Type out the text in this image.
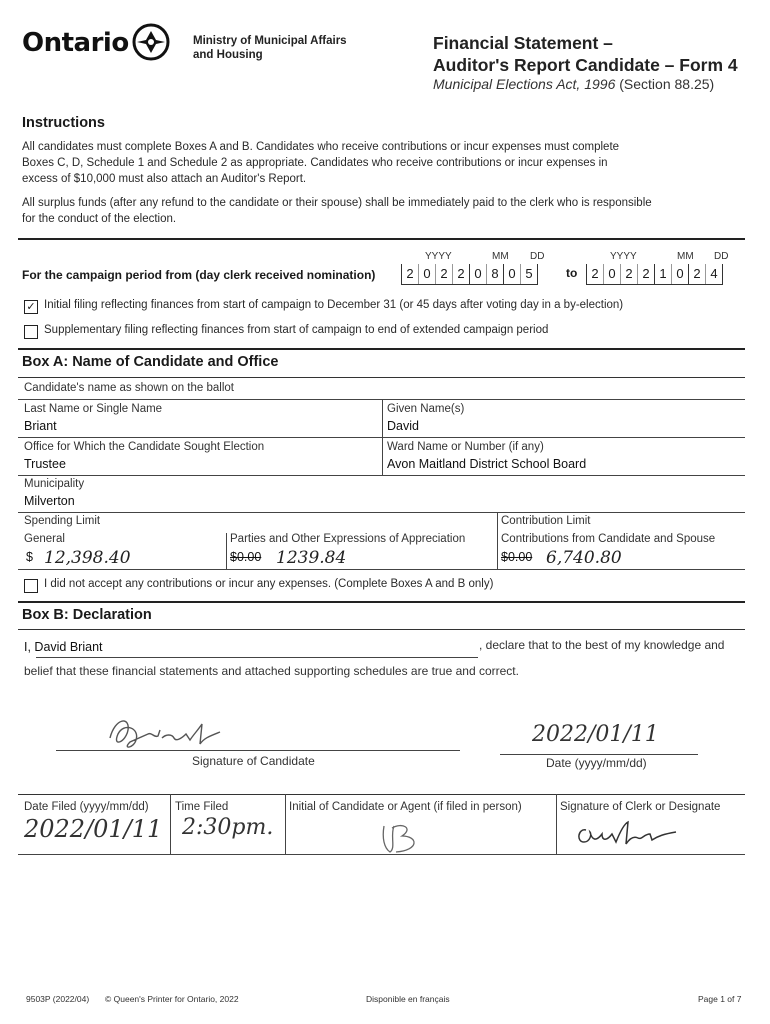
Ontario	Ministry of Municipal Affairs
and Housing
Financial Statement –
Auditor's Report Candidate – Form 4
Municipal Elections Act, 1996 (Section 88.25)
Instructions
All candidates must complete Boxes A and B. Candidates who receive contributions or incur expenses must complete
Boxes C, D, Schedule 1 and Schedule 2 as appropriate. Candidates who receive contributions or incur expenses in
excess of $10,000 must also attach an Auditor's Report.
All surplus funds (after any refund to the candidate or their spouse) shall be immediately paid to the clerk who is responsible
for the conduct of the election.
YYYY	MM DD	YYYY	MM DD
For the campaign period from (day clerk received nomination)	2 0 2 2 0 8 0 5	to	2 0 2 2 1 0 2 4
✓ Initial filing reflecting finances from start of campaign to December 31 (or 45 days after voting day in a by-election)
Supplementary filing reflecting finances from start of campaign to end of extended campaign period
Box A: Name of Candidate and Office
Candidate's name as shown on the ballot
Last Name or Single Name
Briant
Given Name(s)
David
Office for Which the Candidate Sought Election
Trustee
Ward Name or Number (if any)
Avon Maitland District School Board
Municipality
Milverton
Spending Limit
General
$ 12,398.40
Parties and Other Expressions of Appreciation
$0.00 1239.84
Contribution Limit
Contributions from Candidate and Spouse
$0.00 6,740.80
I did not accept any contributions or incur any expenses. (Complete Boxes A and B only)
Box B: Declaration
I, David Briant	, declare that to the best of my knowledge and
belief that these financial statements and attached supporting schedules are true and correct.
Signature of Candidate
2022/01/11
Date (yyyy/mm/dd)
Date Filed (yyyy/mm/dd)
2022/01/11
Time Filed
2:30pm.
Initial of Candidate or Agent (if filed in person)	Signature of Clerk or Designate
9503P (2022/04) © Queen's Printer for Ontario, 2022	Disponible en français	Page 1 of 7
